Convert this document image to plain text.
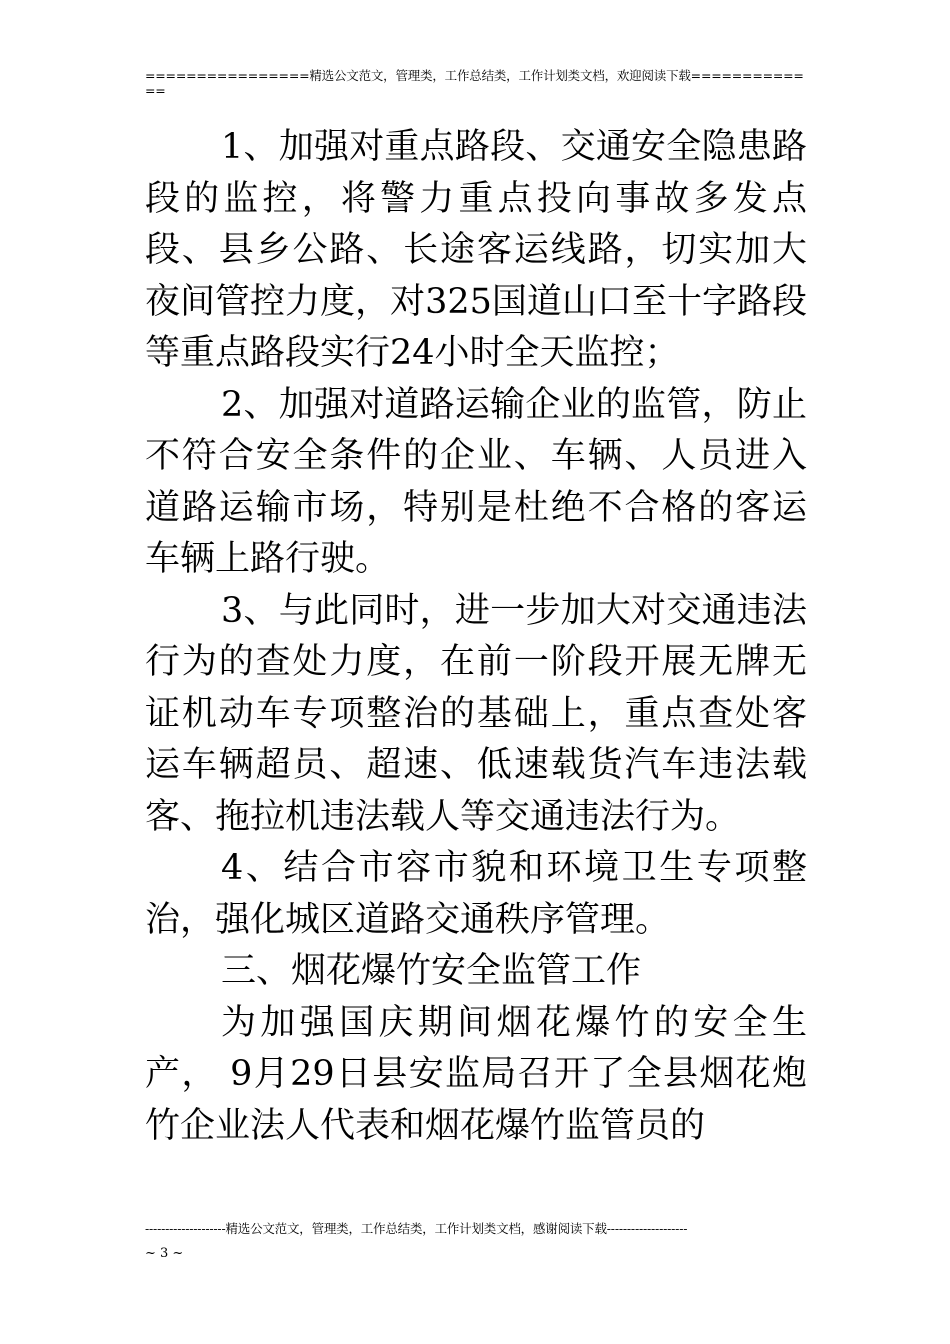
================精选公文范文，管理类，工作总结类，工作计划类文档，欢迎阅读下载=============

1、加强对重点路段、交通安全隐患路段的监控，将警力重点投向事故多发点段、县乡公路、长途客运线路，切实加大夜间管控力度，对325国道山口至十字路段等重点路段实行24小时全天监控；

2、加强对道路运输企业的监管，防止不符合安全条件的企业、车辆、人员进入道路运输市场，特别是杜绝不合格的客运车辆上路行驶。

3、与此同时，进一步加大对交通违法行为的查处力度，在前一阶段开展无牌无证机动车专项整治的基础上，重点查处客运车辆超员、超速、低速载货汽车违法载客、拖拉机违法载人等交通违法行为。

4、结合市容市貌和环境卫生专项整治，强化城区道路交通秩序管理。

三、烟花爆竹安全监管工作

为加强国庆期间烟花爆竹的安全生产， 9月29日县安监局召开了全县烟花炮竹企业法人代表和烟花爆竹监管员的

--------------------精选公文范文，管理类，工作总结类，工作计划类文档，感谢阅读下载--------------------
~ 3 ~
